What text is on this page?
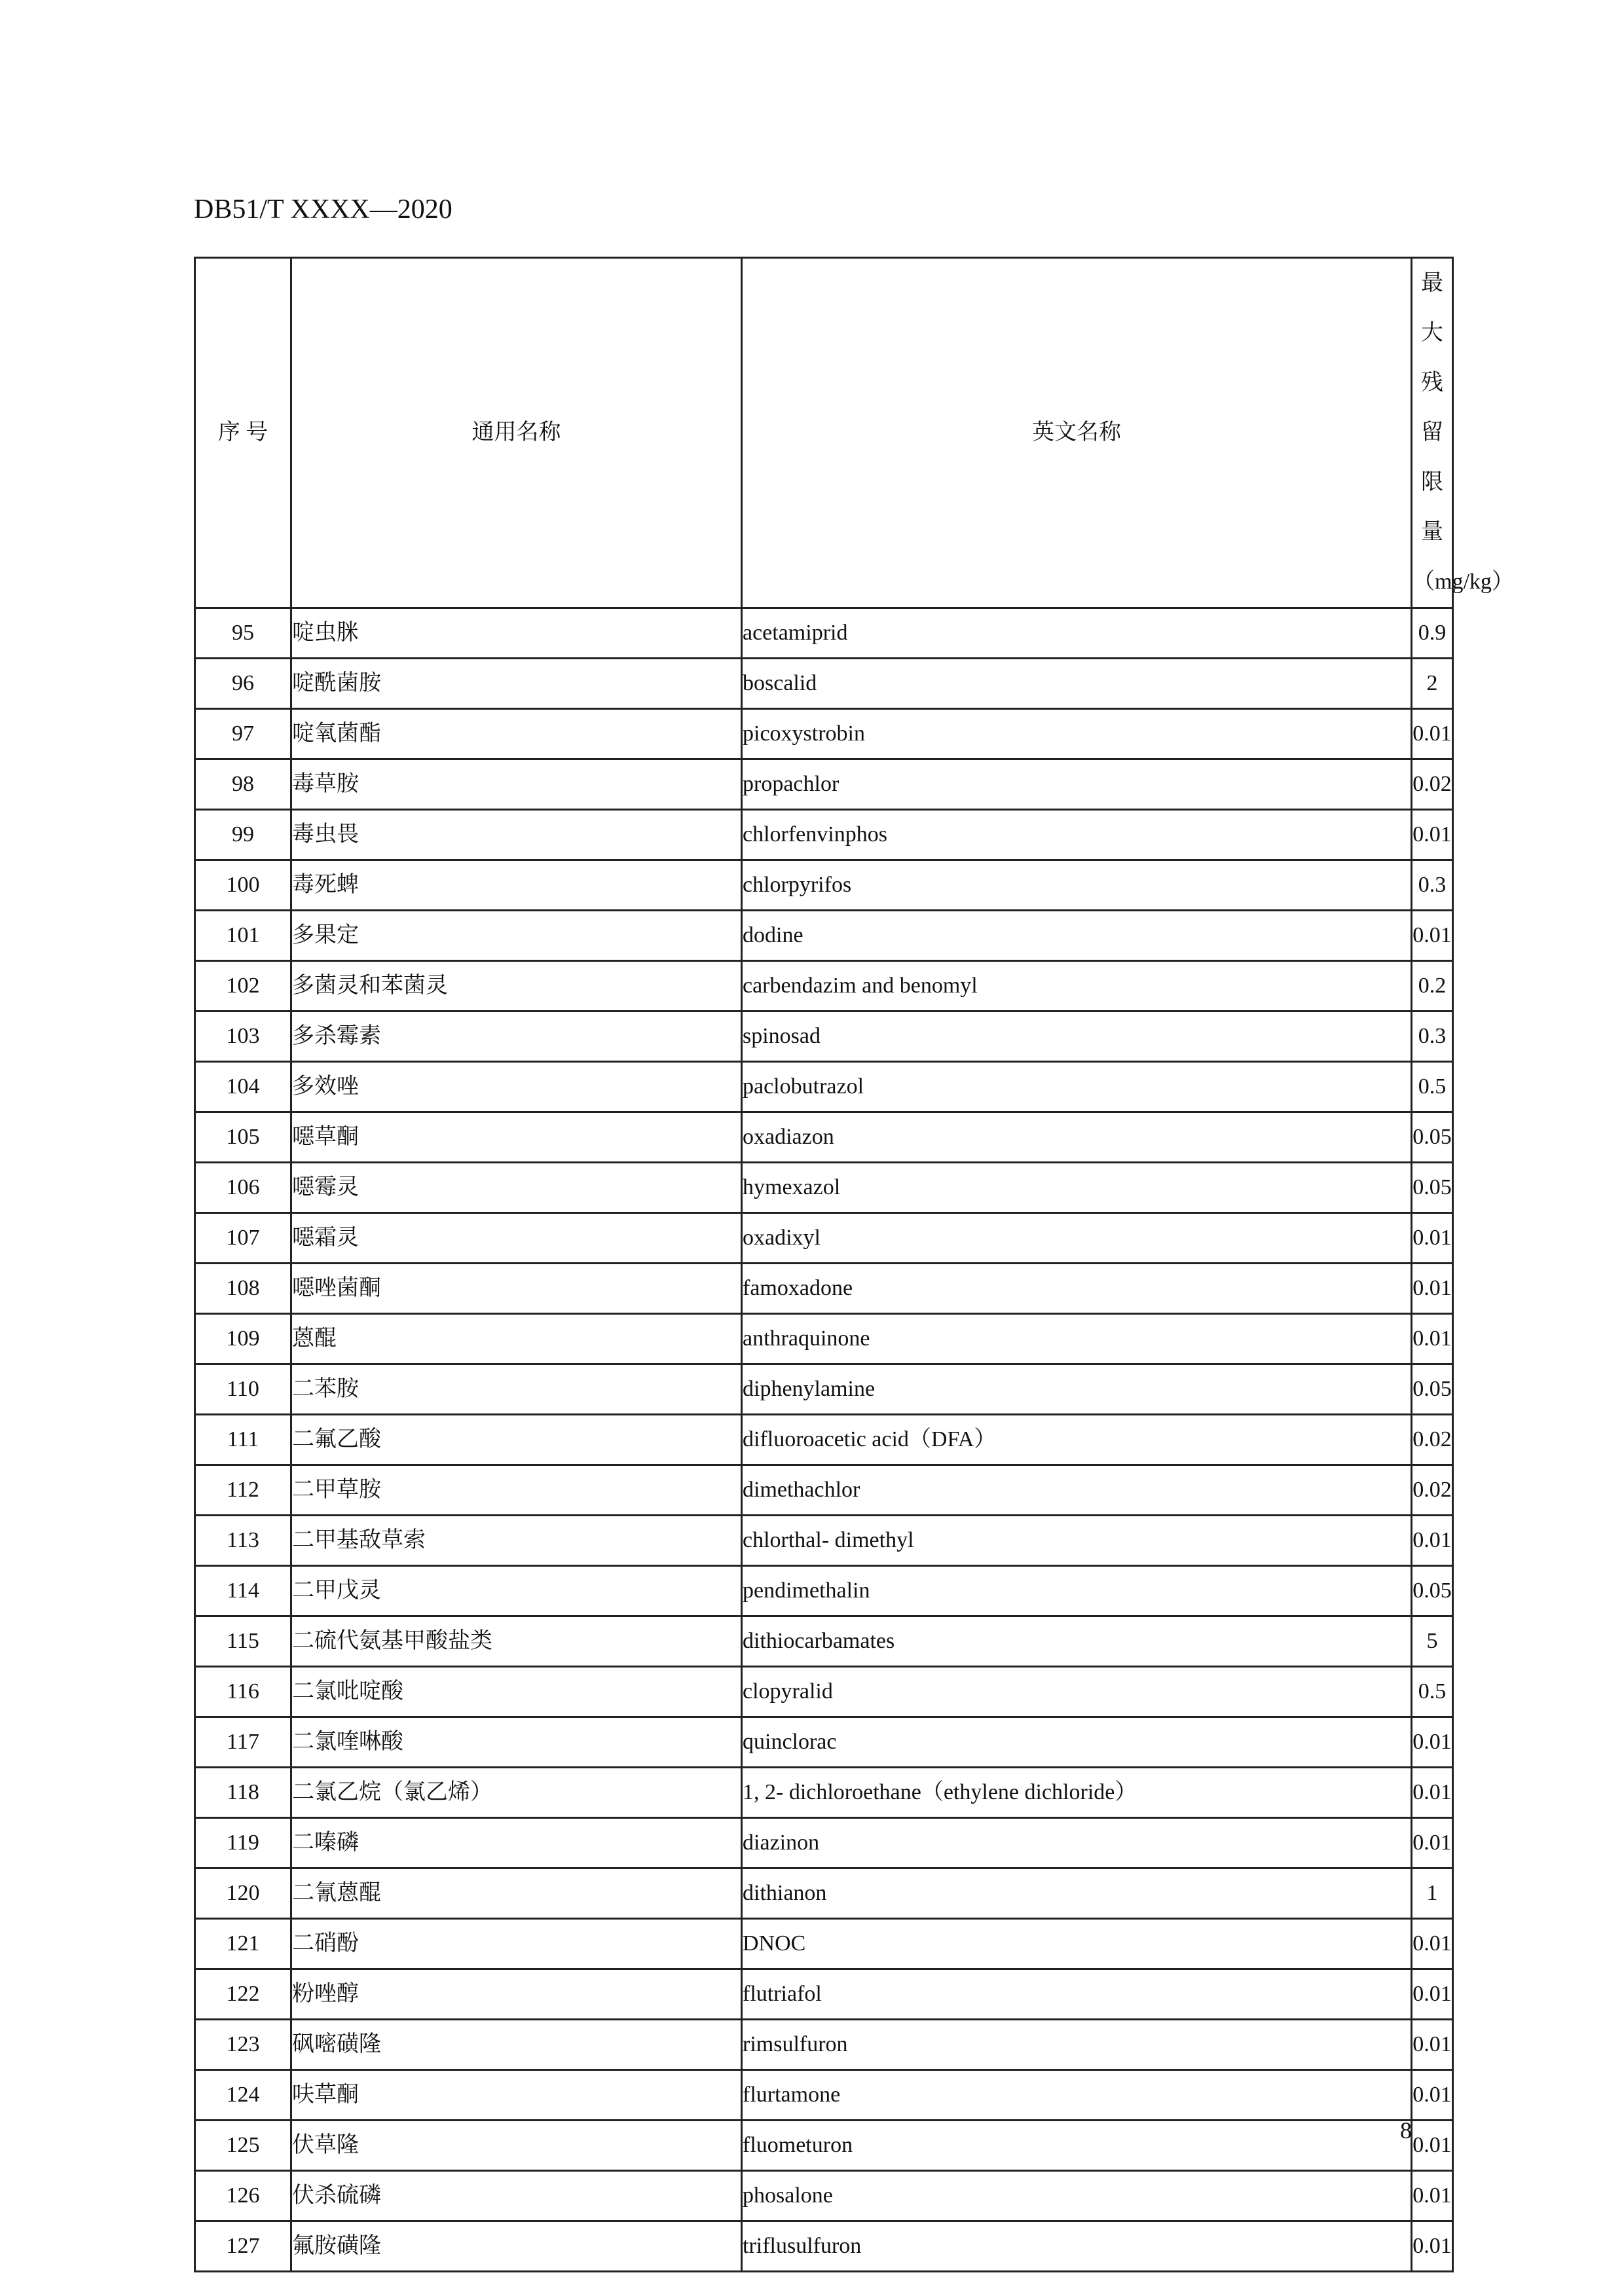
DB51/T XXXX—2020
序 号	通用名称	英文名称	最大残留限量
（mg/kg）

95	啶虫脒	acetamiprid	0.9
96	啶酰菌胺	boscalid	2
97	啶氧菌酯	picoxystrobin	0.01
98	毒草胺	propachlor	0.02
99	毒虫畏	chlorfenvinphos	0.01
100	毒死蜱	chlorpyrifos	0.3
101	多果定	dodine	0.01
102	多菌灵和苯菌灵	carbendazim and benomyl	0.2
103	多杀霉素	spinosad	0.3
104	多效唑	paclobutrazol	0.5
105	噁草酮	oxadiazon	0.05
106	噁霉灵	hymexazol	0.05
107	噁霜灵	oxadixyl	0.01
108	噁唑菌酮	famoxadone	0.01
109	蒽醌	anthraquinone	0.01
110	二苯胺	diphenylamine	0.05
111	二氟乙酸	difluoroacetic acid（DFA）	0.02
112	二甲草胺	dimethachlor	0.02
113	二甲基敌草索	chlorthal- dimethyl	0.01
114	二甲戊灵	pendimethalin	0.05
115	二硫代氨基甲酸盐类	dithiocarbamates	5
116	二氯吡啶酸	clopyralid	0.5
117	二氯喹啉酸	quinclorac	0.01
118	二氯乙烷（氯乙烯）	1, 2- dichloroethane（ethylene dichloride）	0.01
119	二嗪磷	diazinon	0.01
120	二氰蒽醌	dithianon	1
121	二硝酚	DNOC	0.01
122	粉唑醇	flutriafol	0.01
123	砜嘧磺隆	rimsulfuron	0.01
124	呋草酮	flurtamone	0.01
125	伏草隆	fluometuron	0.01
126	伏杀硫磷	phosalone	0.01
127	氟胺磺隆	triflusulfuron	0.01
8
